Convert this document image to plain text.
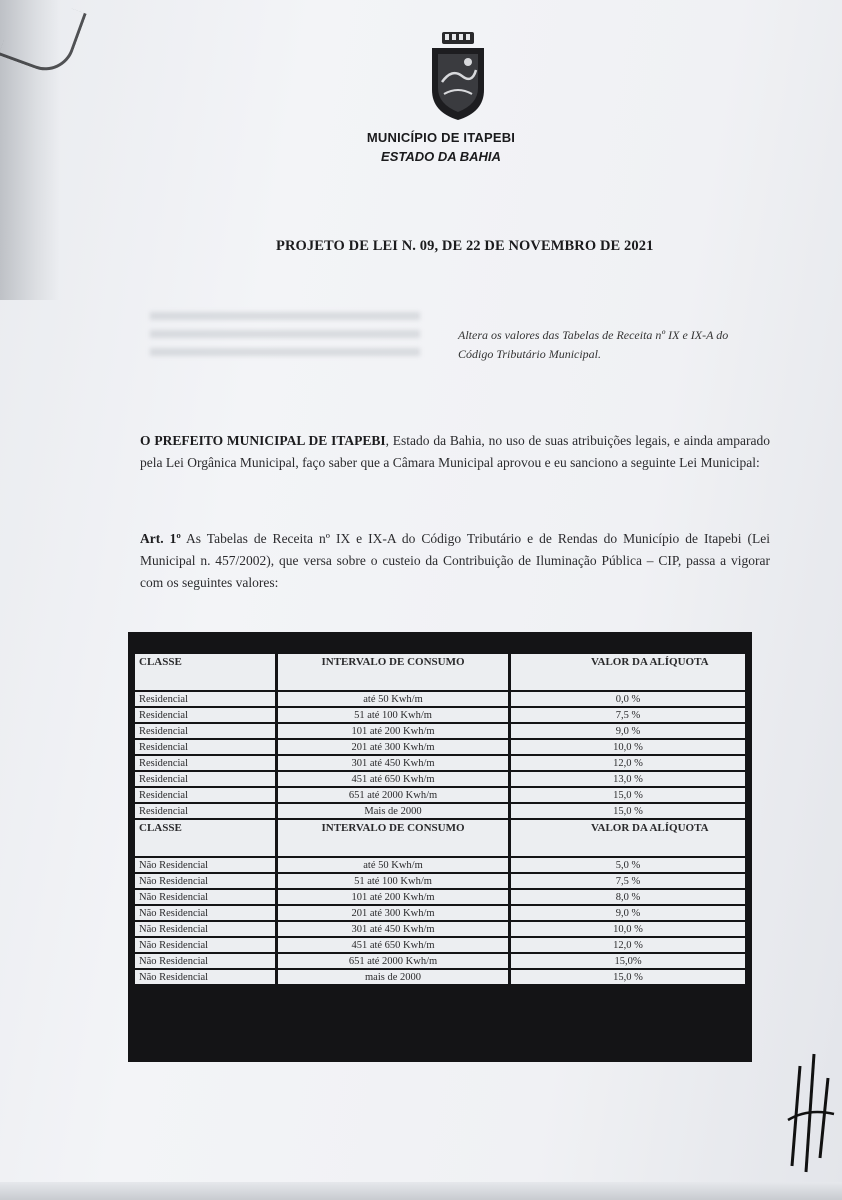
MUNICÍPIO DE ITAPEBI
ESTADO DA BAHIA
PROJETO DE LEI N. 09, DE 22 DE NOVEMBRO DE 2021
Altera os valores das Tabelas de Receita nº IX e IX-A do Código Tributário Municipal.
O PREFEITO MUNICIPAL DE ITAPEBI, Estado da Bahia, no uso de suas atribuições legais, e ainda amparado pela Lei Orgânica Municipal, faço saber que a Câmara Municipal aprovou e eu sanciono a seguinte Lei Municipal:
Art. 1º As Tabelas de Receita nº IX e IX-A do Código Tributário e de Rendas do Município de Itapebi (Lei Municipal n. 457/2002), que versa sobre o custeio da Contribuição de Iluminação Pública – CIP, passa a vigorar com os seguintes valores:

CLASSE	INTERVALO DE CONSUMO	VALOR DA ALÍQUOTA
Residencial	até 50 Kwh/m	0,0 %
Residencial	51 até 100 Kwh/m	7,5 %
Residencial	101 até 200 Kwh/m	9,0 %
Residencial	201 até 300 Kwh/m	10,0 %
Residencial	301 até 450 Kwh/m	12,0 %
Residencial	451 até 650 Kwh/m	13,0 %
Residencial	651 até 2000 Kwh/m	15,0 %
Residencial	Mais de 2000	15,0 %
CLASSE	INTERVALO DE CONSUMO	VALOR DA ALÍQUOTA
Não Residencial	até 50 Kwh/m	5,0 %
Não Residencial	51 até 100 Kwh/m	7,5 %
Não Residencial	101 até 200 Kwh/m	8,0 %
Não Residencial	201 até 300 Kwh/m	9,0 %
Não Residencial	301 até 450 Kwh/m	10,0 %
Não Residencial	451 até 650 Kwh/m	12,0 %
Não Residencial	651 até 2000 Kwh/m	15,0%
Não Residencial	mais de 2000	15,0 %
